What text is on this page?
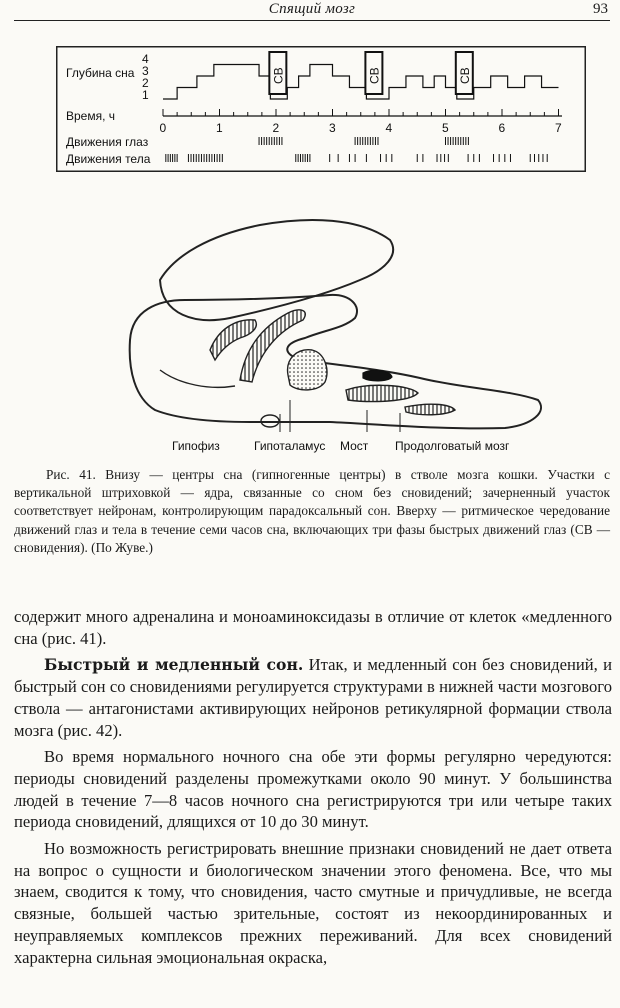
Спящий мозг	93
Глубина сна
4
3
2
1
СВ	СВ	СВ
Время, ч
0	1	2	3	4	5	6	7
Движения глаз
Движения тела
Гипофиз	Гипоталамус Мост Продолговатый мозг

Рис. 41. Внизу — центры сна (гипногенные центры) в стволе мозга кошки. Участки с вертикальной штриховкой — ядра, связанные со сном без сновидений; зачерненный участок соответствует нейронам, контролирующим парадоксальный сон. Вверху — ритмическое чередование движений глаз и тела в течение семи часов сна, включающих три фазы быстрых движений глаз (СВ — сновидения). (По Жуве.)

содержит много адреналина и моноаминоксидазы в отличие от клеток «медленного сна (рис. 41).

Быстрый и медленный сон. Итак, и медленный сон без сновидений, и быстрый сон со сновидениями регулируется структурами в нижней части мозгового ствола — антагонистами активирующих нейронов ретикулярной формации ствола мозга (рис. 42).

Во время нормального ночного сна обе эти формы регулярно чередуются: периоды сновидений разделены промежутками около 90 минут. У большинства людей в течение 7—8 часов ночного сна регистрируются три или четыре таких периода сновидений, длящихся от 10 до 30 минут.

Но возможность регистрировать внешние признаки сновидений не дает ответа на вопрос о сущности и биологическом значении этого феномена. Все, что мы знаем, сводится к тому, что сновидения, часто смутные и причудливые, не всегда связные, большей частью зрительные, состоят из некоординированных и неуправляемых комплексов прежних переживаний. Для всех сновидений характерна сильная эмоциональная окраска,
